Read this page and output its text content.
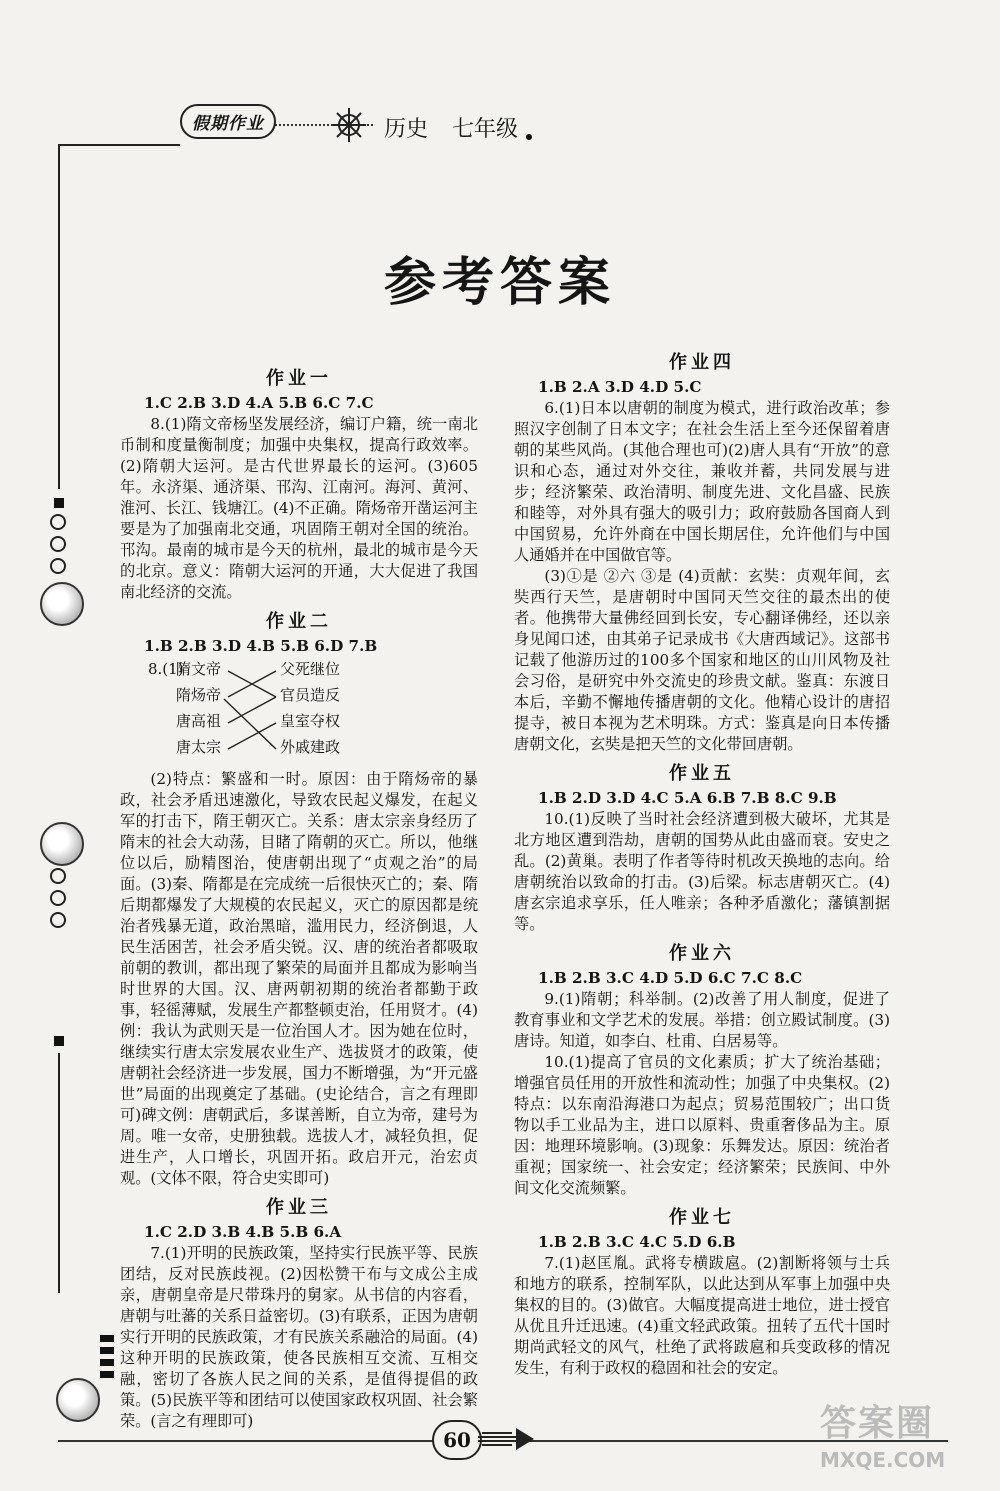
假期作业	历史 七年级
参考答案
作业一
1.C 2.B 3.D 4.A 5.B 6.C 7.C

8.(1)隋文帝杨坚发展经济，编订户籍，统一南北币制和度量衡制度；加强中央集权，提高行政效率。(2)隋朝大运河。是古代世界最长的运河。(3)605年。永济渠、通济渠、邗沟、江南河。海河、黄河、淮河、长江、钱塘江。(4)不正确。隋炀帝开凿运河主要是为了加强南北交通，巩固隋王朝对全国的统治。邗沟。最南的城市是今天的杭州，最北的城市是今天的北京。意义：隋朝大运河的开通，大大促进了我国南北经济的交流。

作业二
1.B 2.B 3.D 4.B 5.B 6.D 7.B
8.(1)
隋文帝
隋炀帝
唐高祖
唐太宗
父死继位
官员造反
皇室夺权
外戚建政

(2)特点：繁盛和一时。原因：由于隋炀帝的暴政，社会矛盾迅速激化，导致农民起义爆发，在起义军的打击下，隋王朝灭亡。关系：唐太宗亲身经历了隋末的社会大动荡，目睹了隋朝的灭亡。所以，他继位以后，励精图治，使唐朝出现了“贞观之治”的局面。(3)秦、隋都是在完成统一后很快灭亡的；秦、隋后期都爆发了大规模的农民起义，灭亡的原因都是统治者残暴无道，政治黑暗，滥用民力，经济倒退，人民生活困苦，社会矛盾尖锐。汉、唐的统治者都吸取前朝的教训，都出现了繁荣的局面并且都成为影响当时世界的大国。汉、唐两朝初期的统治者都勤于政事，轻徭薄赋，发展生产都整顿吏治，任用贤才。(4)例：我认为武则天是一位治国人才。因为她在位时，继续实行唐太宗发展农业生产、选拔贤才的政策，使唐朝社会经济进一步发展，国力不断增强，为“开元盛世”局面的出现奠定了基础。(史论结合，言之有理即可)碑文例：唐朝武后，多谋善断，自立为帝，建号为周。唯一女帝，史册独载。选拔人才，减轻负担，促进生产，人口增长，巩固开拓。政启开元，治宏贞观。(文体不限，符合史实即可)

作业三
1.C 2.D 3.B 4.B 5.B 6.A

7.(1)开明的民族政策，坚持实行民族平等、民族团结，反对民族歧视。(2)因松赞干布与文成公主成亲，唐朝皇帝是尺带珠丹的舅家。从书信的内容看，唐朝与吐蕃的关系日益密切。(3)有联系，正因为唐朝实行开明的民族政策，才有民族关系融洽的局面。(4)这种开明的民族政策，使各民族相互交流、互相交融，密切了各族人民之间的关系，是值得提倡的政策。(5)民族平等和团结可以使国家政权巩固、社会繁荣。(言之有理即可)

作业四
1.B 2.A 3.D 4.D 5.C

6.(1)日本以唐朝的制度为模式，进行政治改革；参照汉字创制了日本文字；在社会生活上至今还保留着唐朝的某些风尚。(其他合理也可)(2)唐人具有“开放”的意识和心态，通过对外交往，兼收并蓄，共同发展与进步；经济繁荣、政治清明、制度先进、文化昌盛、民族和睦等，对外具有强大的吸引力；政府鼓励各国商人到中国贸易，允许外商在中国长期居住，允许他们与中国人通婚并在中国做官等。

(3)①是 ②六 ③是 (4)贡献：玄奘：贞观年间，玄奘西行天竺，是唐朝时中国同天竺交往的最杰出的使者。他携带大量佛经回到长安，专心翻译佛经，还以亲身见闻口述，由其弟子记录成书《大唐西域记》。这部书记载了他游历过的100多个国家和地区的山川风物及社会习俗，是研究中外交流史的珍贵文献。鉴真：东渡日本后，辛勤不懈地传播唐朝的文化。他精心设计的唐招提寺，被日本视为艺术明珠。方式：鉴真是向日本传播唐朝文化，玄奘是把天竺的文化带回唐朝。

作业五
1.B 2.D 3.D 4.C 5.A 6.B 7.B 8.C 9.B

10.(1)反映了当时社会经济遭到极大破坏，尤其是北方地区遭到浩劫，唐朝的国势从此由盛而衰。安史之乱。(2)黄巢。表明了作者等待时机改天换地的志向。给唐朝统治以致命的打击。(3)后梁。标志唐朝灭亡。(4)唐玄宗追求享乐，任人唯亲；各种矛盾激化；藩镇割据等。

作业六
1.B 2.B 3.C 4.D 5.D 6.C 7.C 8.C

9.(1)隋朝；科举制。(2)改善了用人制度，促进了教育事业和文学艺术的发展。举措：创立殿试制度。(3)唐诗。知道，如李白、杜甫、白居易等。

10.(1)提高了官员的文化素质；扩大了统治基础；增强官员任用的开放性和流动性；加强了中央集权。(2)特点：以东南沿海港口为起点；贸易范围较广；出口货物以手工业品为主，进口以原料、贵重奢侈品为主。原因：地理环境影响。(3)现象：乐舞发达。原因：统治者重视；国家统一、社会安定；经济繁荣；民族间、中外间文化交流频繁。

作业七
1.B 2.B 3.C 4.C 5.D 6.B

7.(1)赵匡胤。武将专横跋扈。(2)割断将领与士兵和地方的联系，控制军队，以此达到从军事上加强中央集权的目的。(3)做官。大幅度提高进士地位，进士授官从优且升迁迅速。(4)重文轻武政策。扭转了五代十国时期尚武轻文的风气，杜绝了武将跋扈和兵变政移的情况发生，有利于政权的稳固和社会的安定。

60	答案圈
MXQE.COM
